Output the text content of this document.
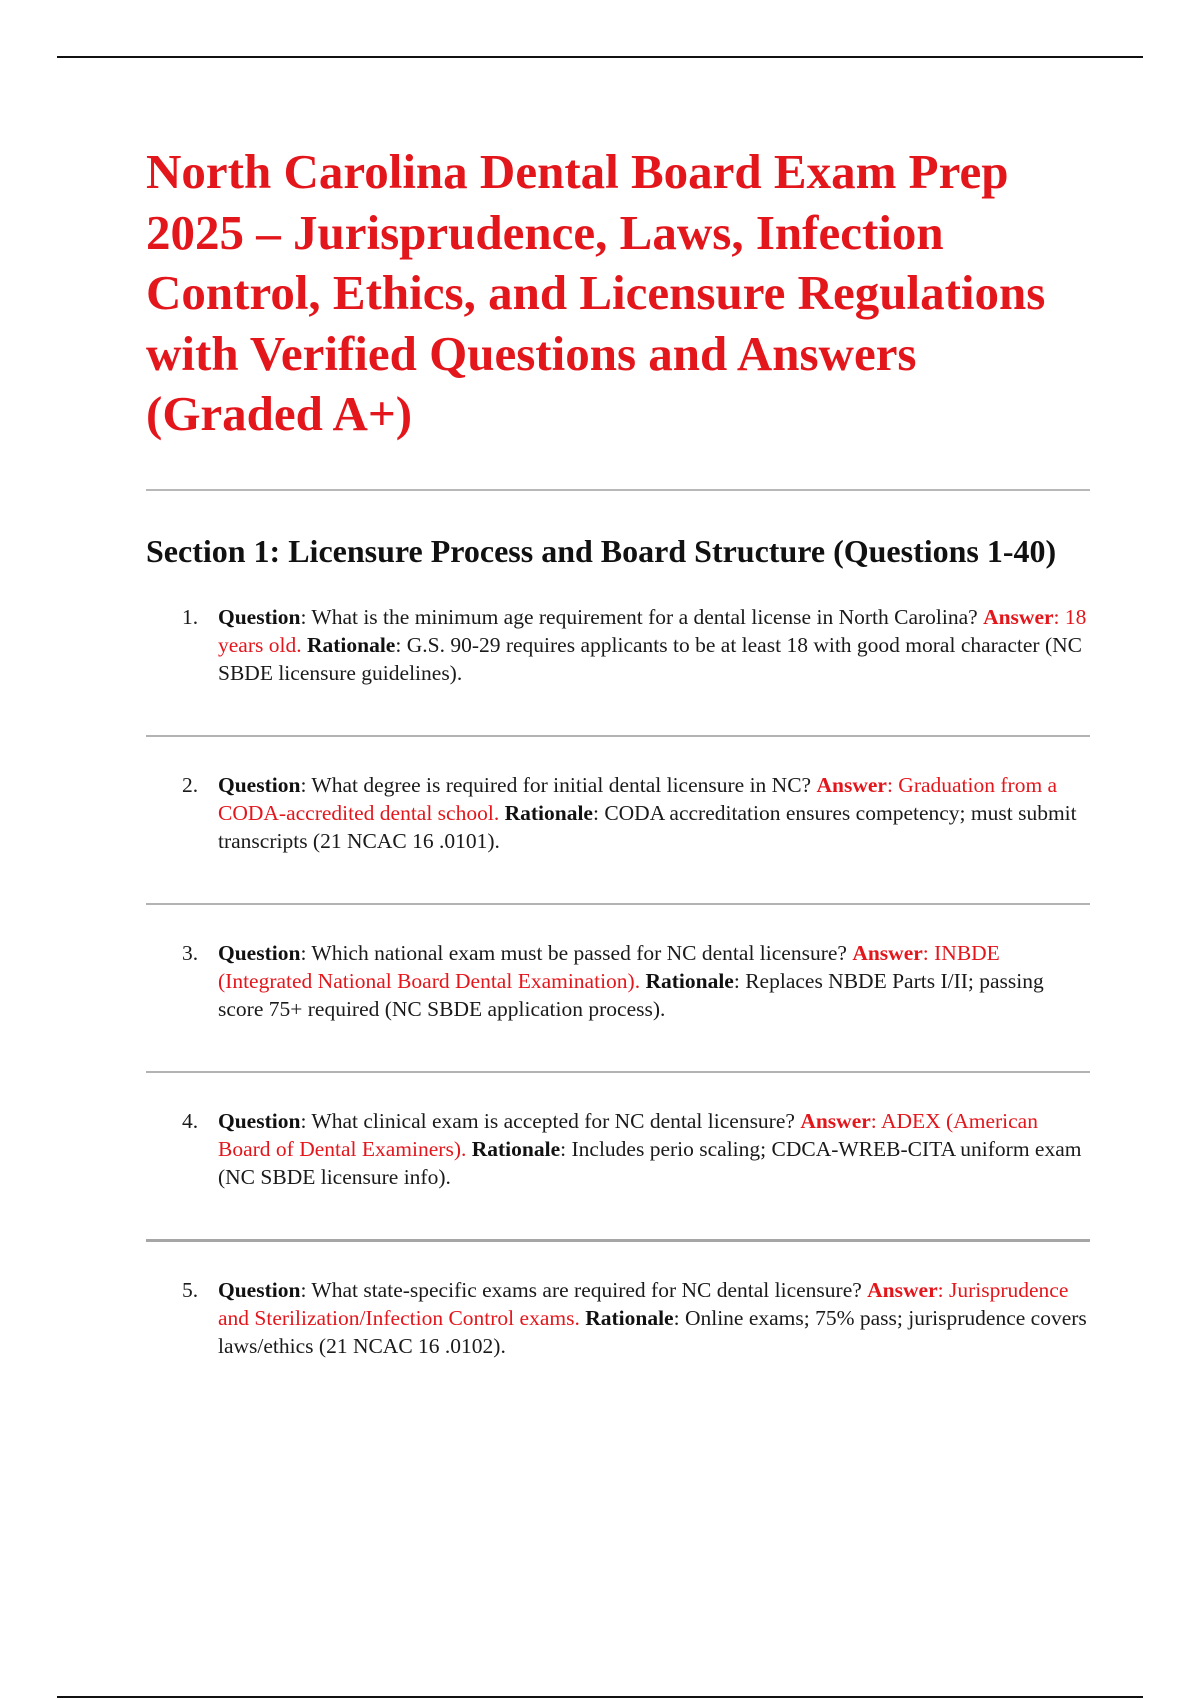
North Carolina Dental Board Exam Prep 2025 – Jurisprudence, Laws, Infection Control, Ethics, and Licensure Regulations with Verified Questions and Answers (Graded A+)
Section 1: Licensure Process and Board Structure (Questions 1-40)
1. Question: What is the minimum age requirement for a dental license in North Carolina? Answer: 18 years old. Rationale: G.S. 90-29 requires applicants to be at least 18 with good moral character (NC SBDE licensure guidelines).
2. Question: What degree is required for initial dental licensure in NC? Answer: Graduation from a CODA-accredited dental school. Rationale: CODA accreditation ensures competency; must submit transcripts (21 NCAC 16 .0101).
3. Question: Which national exam must be passed for NC dental licensure? Answer: INBDE (Integrated National Board Dental Examination). Rationale: Replaces NBDE Parts I/II; passing score 75+ required (NC SBDE application process).
4. Question: What clinical exam is accepted for NC dental licensure? Answer: ADEX (American Board of Dental Examiners). Rationale: Includes perio scaling; CDCA-WREB-CITA uniform exam (NC SBDE licensure info).
5. Question: What state-specific exams are required for NC dental licensure? Answer: Jurisprudence and Sterilization/Infection Control exams. Rationale: Online exams; 75% pass; jurisprudence covers laws/ethics (21 NCAC 16 .0102).
